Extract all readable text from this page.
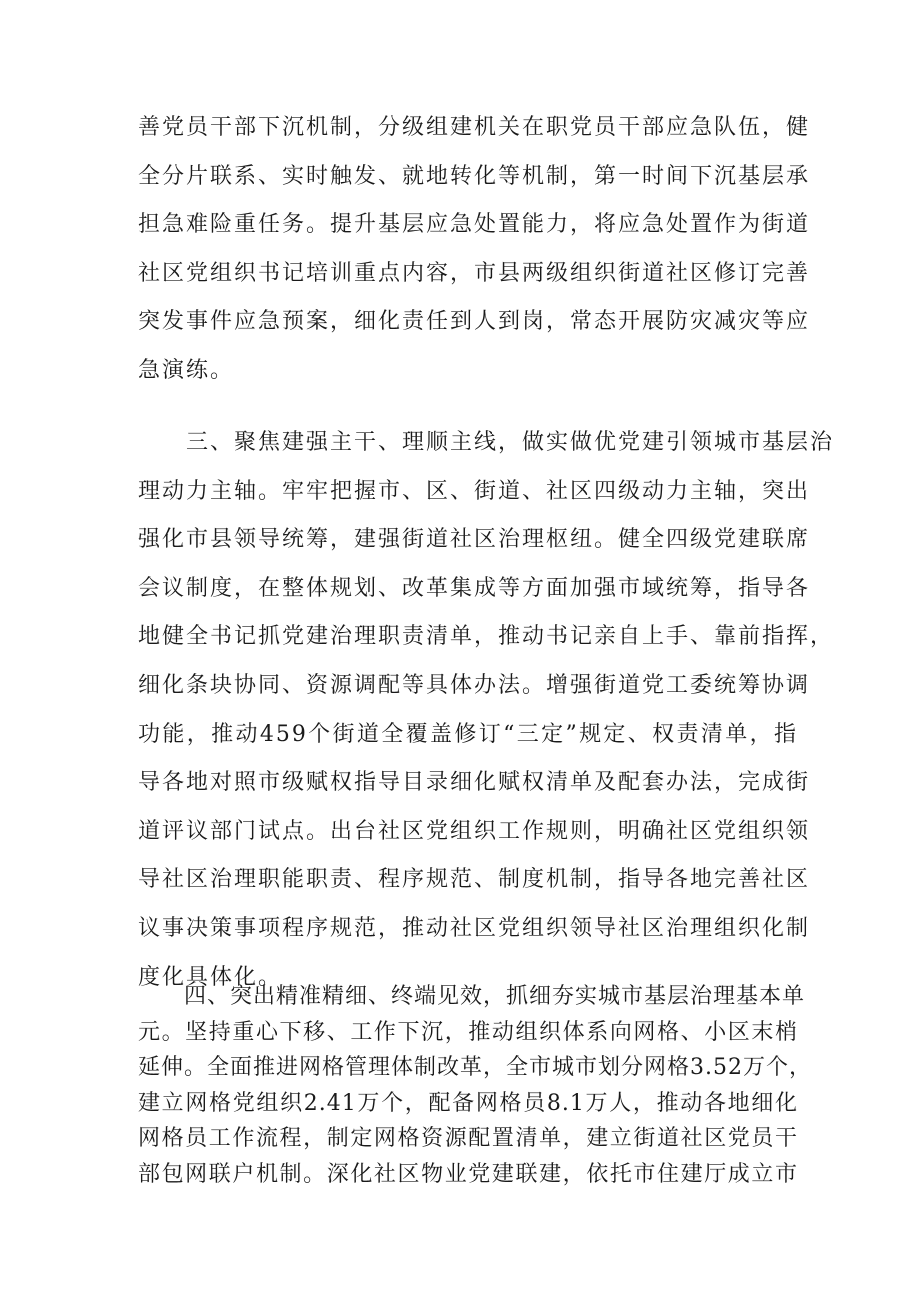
善党员干部下沉机制，分级组建机关在职党员干部应急队伍，健
全分片联系、实时触发、就地转化等机制，第一时间下沉基层承
担急难险重任务。提升基层应急处置能力，将应急处置作为街道
社区党组织书记培训重点内容，市县两级组织街道社区修订完善
突发事件应急预案，细化责任到人到岗，常态开展防灾减灾等应
急演练。
　　三、聚焦建强主干、理顺主线，做实做优党建引领城市基层治
理动力主轴。牢牢把握市、区、街道、社区四级动力主轴，突出
强化市县领导统筹，建强街道社区治理枢纽。健全四级党建联席
会议制度，在整体规划、改革集成等方面加强市域统筹，指导各
地健全书记抓党建治理职责清单，推动书记亲自上手、靠前指挥，
细化条块协同、资源调配等具体办法。增强街道党工委统筹协调
功能，推动459个街道全覆盖修订“三定”规定、权责清单，指
导各地对照市级赋权指导目录细化赋权清单及配套办法，完成街
道评议部门试点。出台社区党组织工作规则，明确社区党组织领
导社区治理职能职责、程序规范、制度机制，指导各地完善社区
议事决策事项程序规范，推动社区党组织领导社区治理组织化制
度化具体化。
　　四、突出精准精细、终端见效，抓细夯实城市基层治理基本单
元。坚持重心下移、工作下沉，推动组织体系向网格、小区末梢
延伸。全面推进网格管理体制改革，全市城市划分网格3.52万个，
建立网格党组织2.41万个，配备网格员8.1万人，推动各地细化
网格员工作流程，制定网格资源配置清单，建立街道社区党员干
部包网联户机制。深化社区物业党建联建，依托市住建厅成立市
